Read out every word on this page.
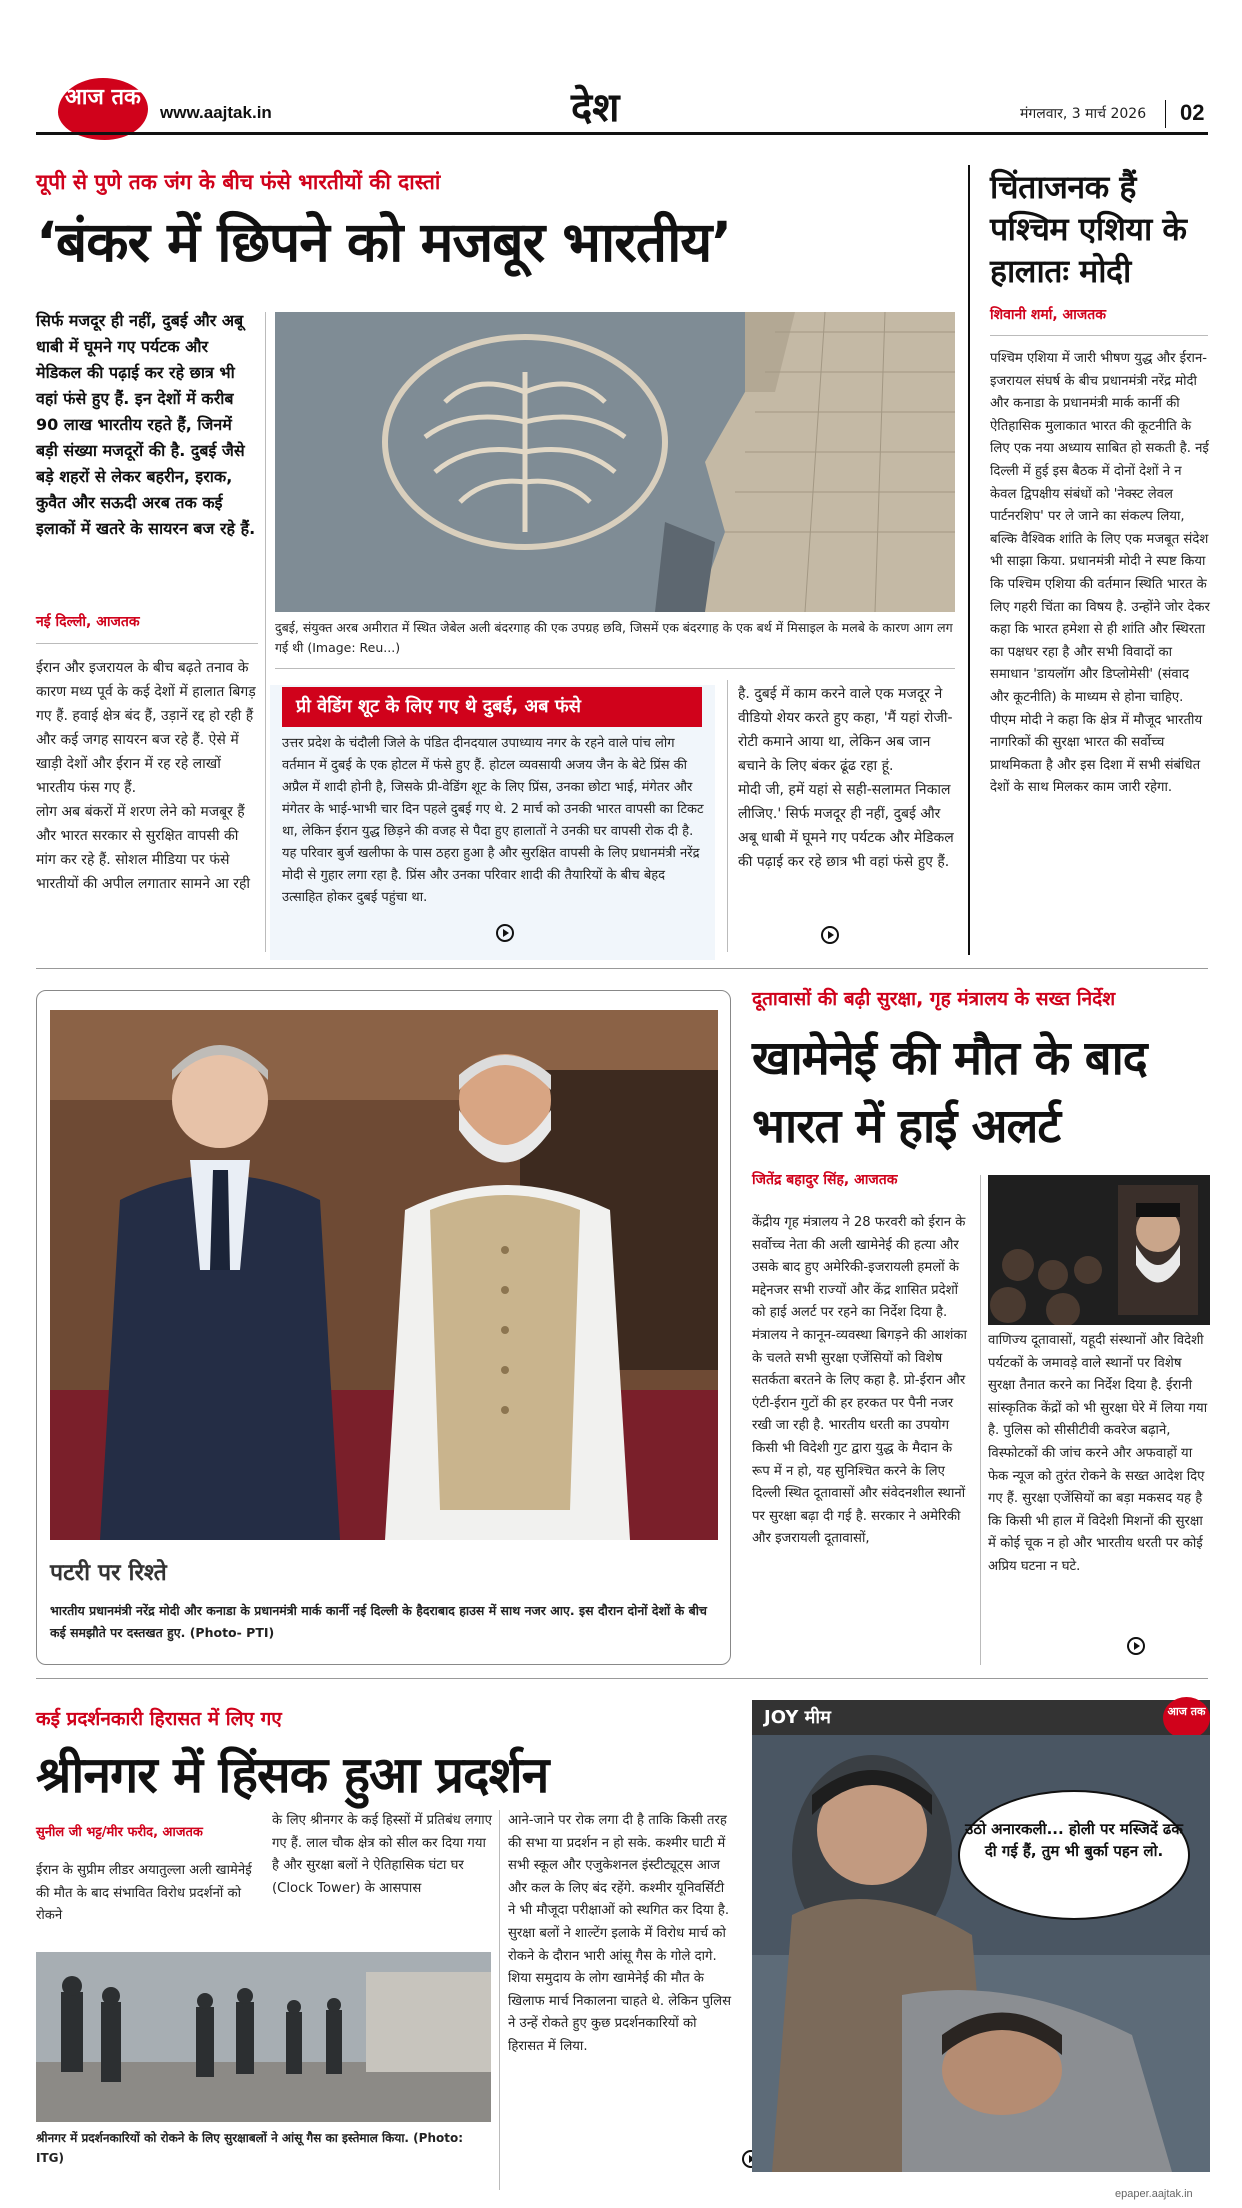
आज तक
www.aajtak.in	देश	मंगलवार, 3 मार्च 2026 02
यूपी से पुणे तक जंग के बीच फंसे भारतीयों की दास्तां
‘बंकर में छिपने को मजबूर भारतीय’
सिर्फ मजदूर ही नहीं, दुबई और अबू धाबी में घूमने गए पर्यटक और मेडिकल की पढ़ाई कर रहे छात्र भी वहां फंसे हुए हैं. इन देशों में करीब 90 लाख भारतीय रहते हैं, जिनमें बड़ी संख्या मजदूरों की है. दुबई जैसे बड़े शहरों से लेकर बहरीन, इराक, कुवैत और सऊदी अरब तक कई इलाकों में खतरे के सायरन बज रहे हैं.
नई दिल्ली, आजतक
ईरान और इजरायल के बीच बढ़ते तनाव के कारण मध्य पूर्व के कई देशों में हालात बिगड़ गए हैं. हवाई क्षेत्र बंद हैं, उड़ानें रद्द हो रही हैं और कई जगह सायरन बज रहे हैं. ऐसे में खाड़ी देशों और ईरान में रह रहे लाखों भारतीय फंस गए हैं.
लोग अब बंकरों में शरण लेने को मजबूर हैं और भारत सरकार से सुरक्षित वापसी की मांग कर रहे हैं. सोशल मीडिया पर फंसे भारतीयों की अपील लगातार सामने आ रही
दुबई, संयुक्त अरब अमीरात में स्थित जेबेल अली बंदरगाह की एक उपग्रह छवि, जिसमें एक बंदरगाह के एक बर्थ में मिसाइल के मलबे के कारण आग लग गई थी (Image: Reu...)
प्री वेडिंग शूट के लिए गए थे दुबई, अब फंसे
उत्तर प्रदेश के चंदौली जिले के पंडित दीनदयाल उपाध्याय नगर के रहने वाले पांच लोग वर्तमान में दुबई के एक होटल में फंसे हुए हैं. होटल व्यवसायी अजय जैन के बेटे प्रिंस की अप्रैल में शादी होनी है, जिसके प्री-वेडिंग शूट के लिए प्रिंस, उनका छोटा भाई, मंगेतर और मंगेतर के भाई-भाभी चार दिन पहले दुबई गए थे. 2 मार्च को उनकी भारत वापसी का टिकट था, लेकिन ईरान युद्ध छिड़ने की वजह से पैदा हुए हालातों ने उनकी घर वापसी रोक दी है. यह परिवार बुर्ज खलीफा के पास ठहरा हुआ है और सुरक्षित वापसी के लिए प्रधानमंत्री नरेंद्र मोदी से गुहार लगा रहा है. प्रिंस और उनका परिवार शादी की तैयारियों के बीच बेहद उत्साहित होकर दुबई पहुंचा था.

है. दुबई में काम करने वाले एक मजदूर ने वीडियो शेयर करते हुए कहा, 'मैं यहां रोजी-रोटी कमाने आया था, लेकिन अब जान बचाने के लिए बंकर ढूंढ रहा हूं.
मोदी जी, हमें यहां से सही-सलामत निकाल लीजिए.' सिर्फ मजदूर ही नहीं, दुबई और अबू धाबी में घूमने गए पर्यटक और मेडिकल की पढ़ाई कर रहे छात्र भी वहां फंसे हुए हैं.

चिंताजनक हैं पश्चिम एशिया के हालातः मोदी
शिवानी शर्मा, आजतक
पश्चिम एशिया में जारी भीषण युद्ध और ईरान-इजरायल संघर्ष के बीच प्रधानमंत्री नरेंद्र मोदी और कनाडा के प्रधानमंत्री मार्क कार्नी की ऐतिहासिक मुलाकात भारत की कूटनीति के लिए एक नया अध्याय साबित हो सकती है. नई दिल्ली में हुई इस बैठक में दोनों देशों ने न केवल द्विपक्षीय संबंधों को 'नेक्स्ट लेवल पार्टनरशिप' पर ले जाने का संकल्प लिया, बल्कि वैश्विक शांति के लिए एक मजबूत संदेश भी साझा किया. प्रधानमंत्री मोदी ने स्पष्ट किया कि पश्चिम एशिया की वर्तमान स्थिति भारत के लिए गहरी चिंता का विषय है. उन्होंने जोर देकर कहा कि भारत हमेशा से ही शांति और स्थिरता का पक्षधर रहा है और सभी विवादों का समाधान 'डायलॉग और डिप्लोमेसी' (संवाद और कूटनीति) के माध्यम से होना चाहिए. पीएम मोदी ने कहा कि क्षेत्र में मौजूद भारतीय नागरिकों की सुरक्षा भारत की सर्वोच्च प्राथमिकता है और इस दिशा में सभी संबंधित देशों के साथ मिलकर काम जारी रहेगा.

पटरी पर रिश्ते
भारतीय प्रधानमंत्री नरेंद्र मोदी और कनाडा के प्रधानमंत्री मार्क कार्नी नई दिल्ली के हैदराबाद हाउस में साथ नजर आए. इस दौरान दोनों देशों के बीच कई समझौते पर दस्तखत हुए. (Photo- PTI)
दूतावासों की बढ़ी सुरक्षा, गृह मंत्रालय के सख्त निर्देश
खामेनेई की मौत के बाद भारत में हाई अलर्ट
जितेंद्र बहादुर सिंह, आजतक
केंद्रीय गृह मंत्रालय ने 28 फरवरी को ईरान के सर्वोच्च नेता की अली खामेनेई की हत्या और उसके बाद हुए अमेरिकी-इजरायली हमलों के मद्देनजर सभी राज्यों और केंद्र शासित प्रदेशों को हाई अलर्ट पर रहने का निर्देश दिया है. मंत्रालय ने कानून-व्यवस्था बिगड़ने की आशंका के चलते सभी सुरक्षा एजेंसियों को विशेष सतर्कता बरतने के लिए कहा है. प्रो-ईरान और एंटी-ईरान गुटों की हर हरकत पर पैनी नजर रखी जा रही है. भारतीय धरती का उपयोग किसी भी विदेशी गुट द्वारा युद्ध के मैदान के रूप में न हो, यह सुनिश्चित करने के लिए दिल्ली स्थित दूतावासों और संवेदनशील स्थानों पर सुरक्षा बढ़ा दी गई है. सरकार ने अमेरिकी और इजरायली दूतावासों,
वाणिज्य दूतावासों, यहूदी संस्थानों और विदेशी पर्यटकों के जमावड़े वाले स्थानों पर विशेष सुरक्षा तैनात करने का निर्देश दिया है. ईरानी सांस्कृतिक केंद्रों को भी सुरक्षा घेरे में लिया गया है. पुलिस को सीसीटीवी कवरेज बढ़ाने, विस्फोटकों की जांच करने और अफवाहों या फेक न्यूज को तुरंत रोकने के सख्त आदेश दिए गए हैं. सुरक्षा एजेंसियों का बड़ा मकसद यह है कि किसी भी हाल में विदेशी मिशनों की सुरक्षा में कोई चूक न हो और भारतीय धरती पर कोई अप्रिय घटना न घटे.

कई प्रदर्शनकारी हिरासत में लिए गए
श्रीनगर में हिंसक हुआ प्रदर्शन
सुनील जी भट्ट/मीर फरीद, आजतक
ईरान के सुप्रीम लीडर अयातुल्ला अली खामेनेई की मौत के बाद संभावित विरोध प्रदर्शनों को रोकने
के लिए श्रीनगर के कई हिस्सों में प्रतिबंध लगाए गए हैं. लाल चौक क्षेत्र को सील कर दिया गया है और सुरक्षा बलों ने ऐतिहासिक घंटा घर (Clock Tower) के आसपास
आने-जाने पर रोक लगा दी है ताकि किसी तरह की सभा या प्रदर्शन न हो सके. कश्मीर घाटी में सभी स्कूल और एजुकेशनल इंस्टीट्यूट्स आज और कल के लिए बंद रहेंगे. कश्मीर यूनिवर्सिटी ने भी मौजूदा परीक्षाओं को स्थगित कर दिया है. सुरक्षा बलों ने शाल्टेंग इलाके में विरोध मार्च को रोकने के दौरान भारी आंसू गैस के गोले दागे. शिया समुदाय के लोग खामेनेई की मौत के खिलाफ मार्च निकालना चाहते थे. लेकिन पुलिस ने उन्हें रोकते हुए कुछ प्रदर्शनकारियों को हिरासत में लिया.
श्रीनगर में प्रदर्शनकारियों को रोकने के लिए सुरक्षाबलों ने आंसू गैस का इस्तेमाल किया. (Photo: ITG)
JOY मीम	आज तक
उठो अनारकली... होली पर मस्जिदें ढक दी गई हैं, तुम भी बुर्का पहन लो.
epaper.aajtak.in
